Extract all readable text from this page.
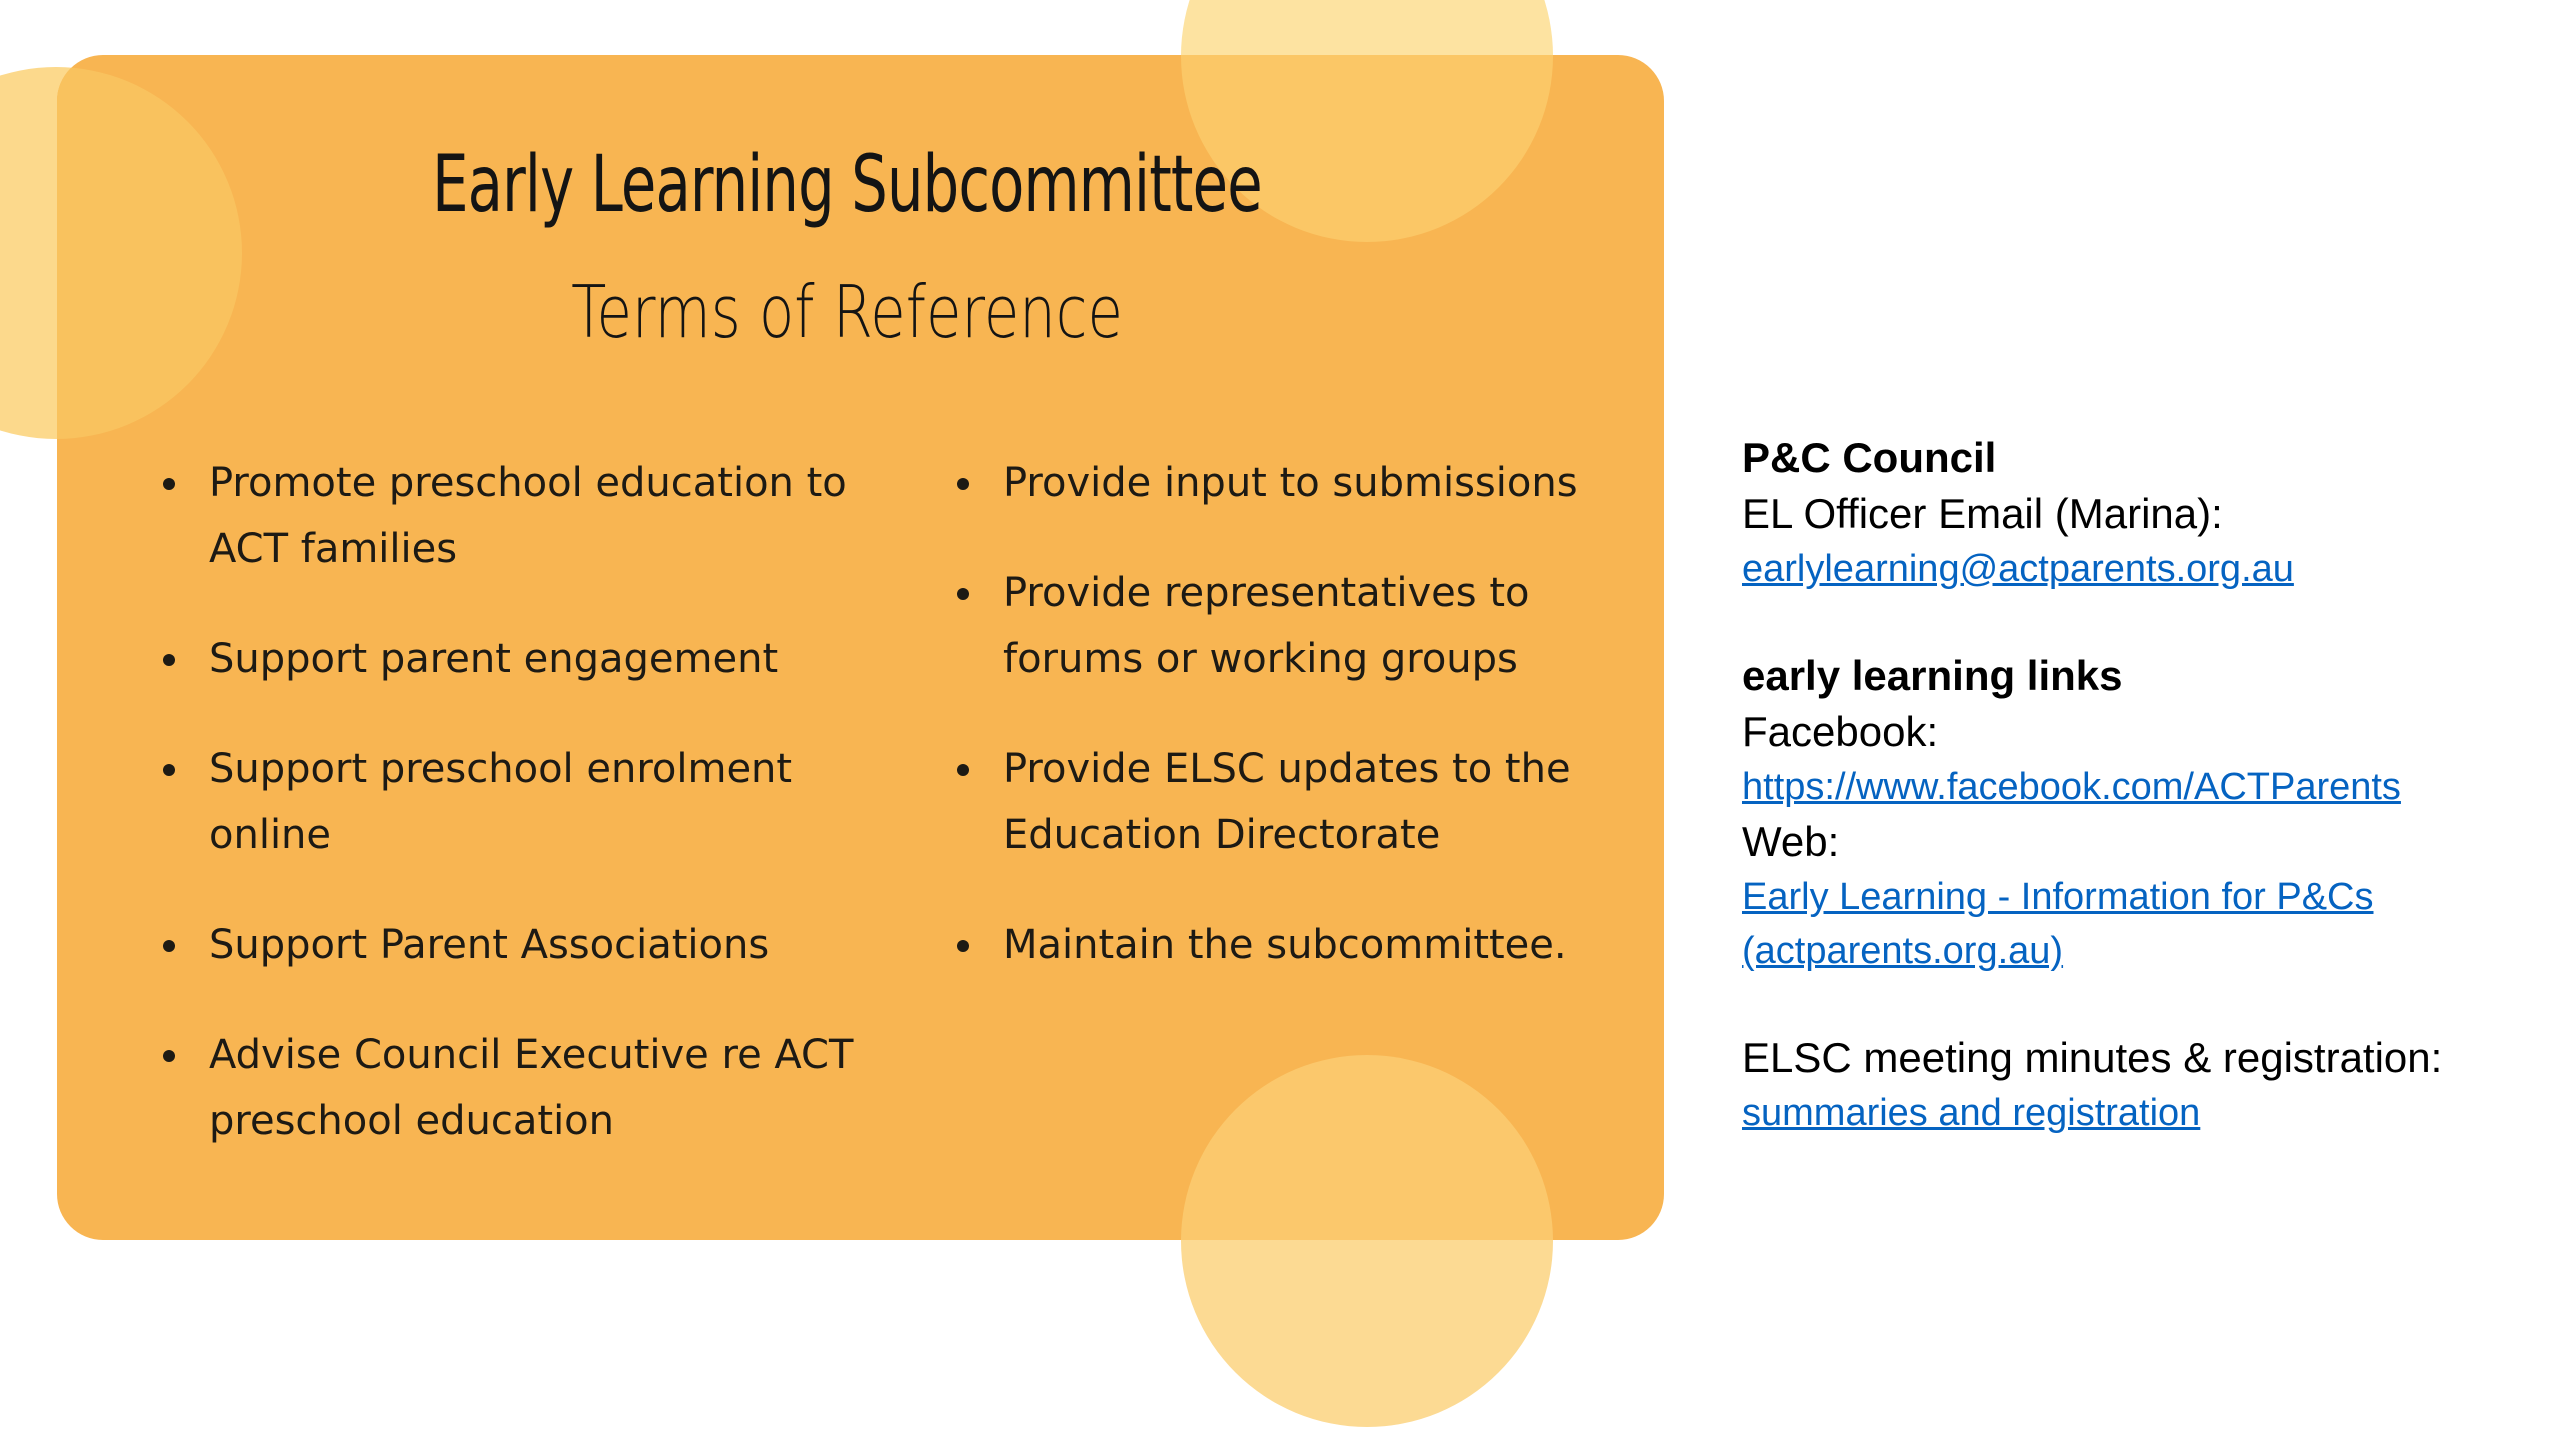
Early Learning Subcommittee
Terms of Reference
Promote preschool education to ACT families
Support parent engagement
Support preschool enrolment online
Support Parent Associations
Advise Council Executive re ACT preschool education
Provide input to submissions
Provide representatives to forums or working groups
Provide ELSC updates to the Education Directorate
Maintain the subcommittee.
P&C Council
EL Officer Email (Marina):
earlylearning@actparents.org.au
early learning links
Facebook:
https://www.facebook.com/ACTParents
Web:
Early Learning - Information for P&Cs
(actparents.org.au)
ELSC meeting minutes & registration:
summaries and registration
